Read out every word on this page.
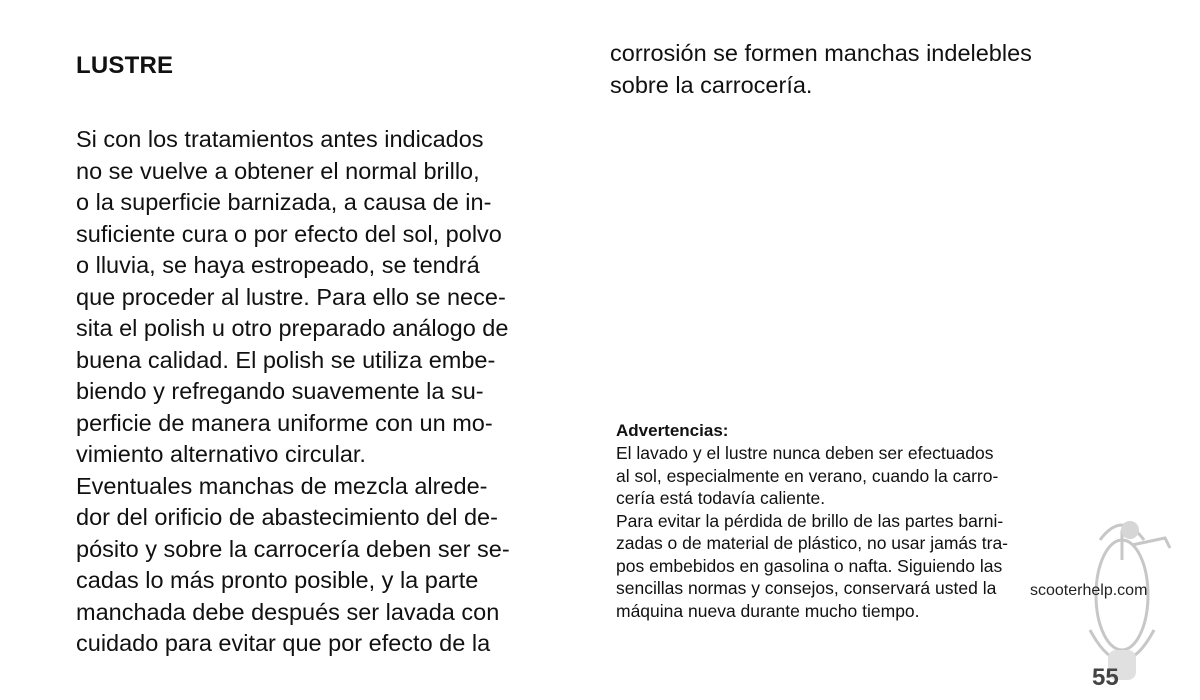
LUSTRE
Si con los tratamientos antes indicados
no se vuelve a obtener el normal brillo,
o la superficie barnizada, a causa de in-
suficiente cura o por efecto del sol, polvo
o lluvia, se haya estropeado, se tendrá
que proceder al lustre. Para ello se nece-
sita el polish u otro preparado análogo de
buena calidad. El polish se utiliza embe-
biendo y refregando suavemente la su-
perficie de manera uniforme con un mo-
vimiento alternativo circular.
Eventuales manchas de mezcla alrede-
dor del orificio de abastecimiento del de-
pósito y sobre la carrocería deben ser se-
cadas lo más pronto posible, y la parte
manchada debe después ser lavada con
cuidado para evitar que por efecto de la
corrosión se formen manchas indelebles
sobre la carrocería.
Advertencias:
El lavado y el lustre nunca deben ser efectuados
al sol, especialmente en verano, cuando la carro-
cería está todavía caliente.
Para evitar la pérdida de brillo de las partes barni-
zadas o de material de plástico, no usar jamás tra-
pos embebidos en gasolina o nafta. Siguiendo las
sencillas normas y consejos, conservará usted la
máquina nueva durante mucho tiempo.
scooterhelp.com
55
